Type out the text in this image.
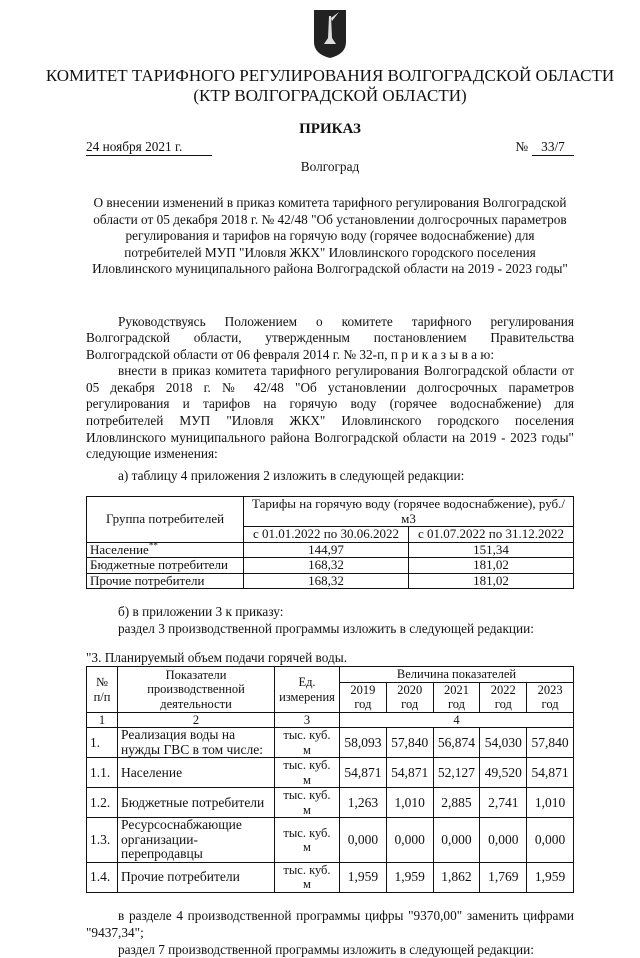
КОМИТЕТ ТАРИФНОГО РЕГУЛИРОВАНИЯ ВОЛГОГРАДСКОЙ ОБЛАСТИ
(КТР ВОЛГОГРАДСКОЙ ОБЛАСТИ)
ПРИКАЗ
24 ноября 2021 г.	№ 33/7
Волгоград
О внесении изменений в приказ комитета тарифного регулирования Волгоградской области от 05 декабря 2018 г. № 42/48 "Об установлении долгосрочных параметров регулирования и тарифов на горячую воду (горячее водоснабжение) для потребителей МУП "Иловля ЖКХ" Иловлинского городского поселения Иловлинского муниципального района Волгоградской области на 2019 - 2023 годы"

Руководствуясь Положением о комитете тарифного регулирования Волгоградской области, утвержденным постановлением Правительства Волгоградской области от 06 февраля 2014 г. № 32-п, п р и к а з ы в а ю:

внести в приказ комитета тарифного регулирования Волгоградской области от 05 декабря 2018 г. № 42/48 "Об установлении долгосрочных параметров регулирования и тарифов на горячую воду (горячее водоснабжение) для потребителей МУП "Иловля ЖКХ" Иловлинского городского поселения Иловлинского муниципального района Волгоградской области на 2019 - 2023 годы" следующие изменения:

а) таблицу 4 приложения 2 изложить в следующей редакции:

Группа потребителей	Тарифы на горячую воду (горячее водоснабжение), руб./м3	
	с 01.01.2022 по 30.06.2022	с 01.07.2022 по 31.12.2022
Население**	144,97	151,34
Бюджетные потребители	168,32	181,02
Прочие потребители	168,32	181,02

б) в приложении 3 к приказу:

раздел 3 производственной программы изложить в следующей редакции:

"3. Планируемый объем подачи горячей воды.
№ п/п	Показатели производственной деятельности	Ед. измерения	Величина показателей				
			2019 год	2020 год	2021 год	2022 год	2023 год
1	2	3	4				
1.	Реализация воды на нужды ГВС в том числе:	тыс. куб. м	58,093	57,840	56,874	54,030	57,840
1.1.	Население	тыс. куб. м	54,871	54,871	52,127	49,520	54,871
1.2.	Бюджетные потребители	тыс. куб. м	1,263	1,010	2,885	2,741	1,010
1.3.	Ресурсоснабжающие организации-перепродавцы	тыс. куб. м	0,000	0,000	0,000	0,000	0,000
1.4.	Прочие потребители	тыс. куб. м	1,959	1,959	1,862	1,769	1,959

в разделе 4 производственной программы цифры "9370,00" заменить цифрами "9437,34";

раздел 7 производственной программы изложить в следующей редакции:
